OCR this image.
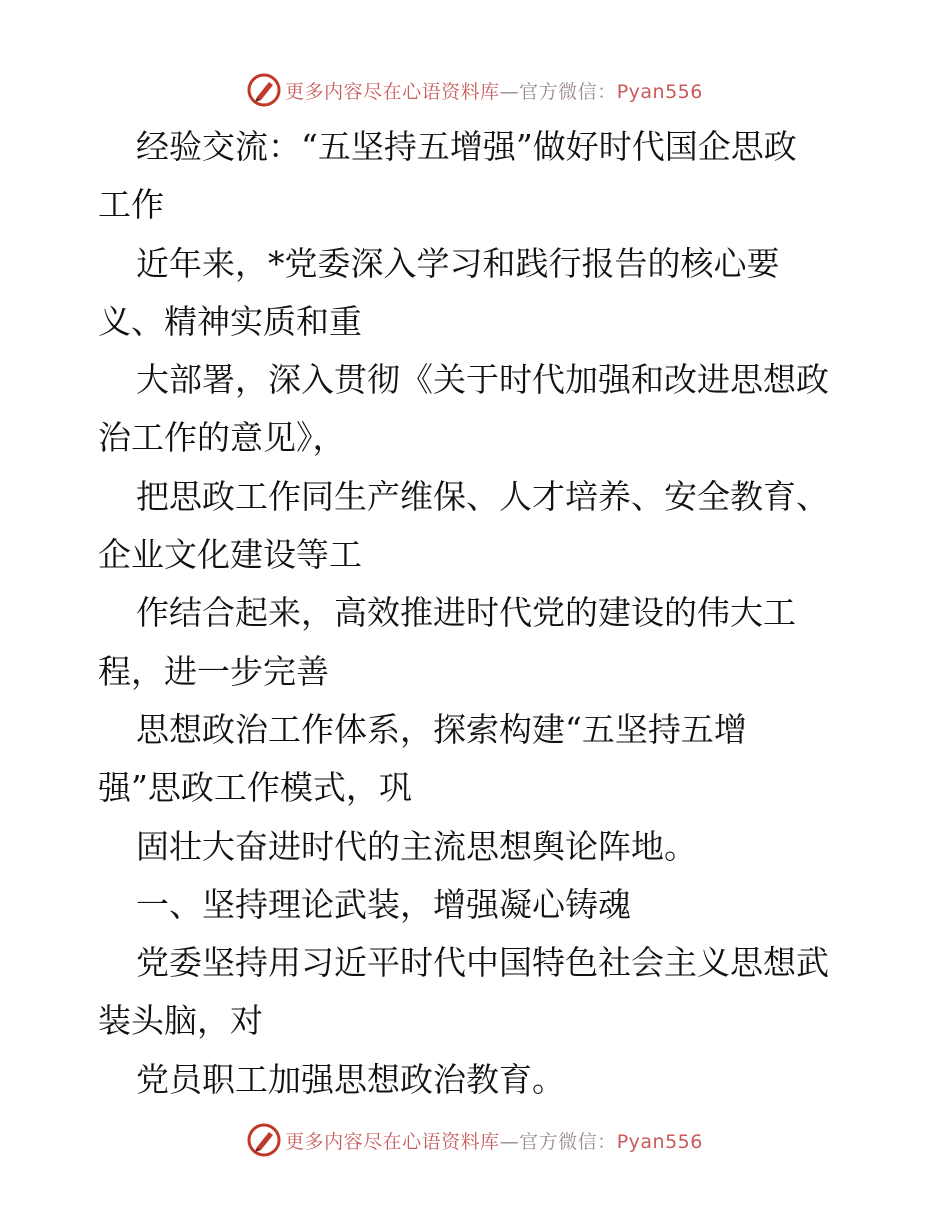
更多内容尽在心语资料库—官方微信：Pyan556
经验交流：“五坚持五增强”做好时代国企思政
工作
近年来，*党委深入学习和践行报告的核心要
义、精神实质和重
大部署，深入贯彻《关于时代加强和改进思想政
治工作的意见》，
把思政工作同生产维保、人才培养、安全教育、
企业文化建设等工
作结合起来，高效推进时代党的建设的伟大工
程，进一步完善
思想政治工作体系，探索构建“五坚持五增
强”思政工作模式，巩
固壮大奋进时代的主流思想舆论阵地。
一、坚持理论武装，增强凝心铸魂
党委坚持用习近平时代中国特色社会主义思想武
装头脑，对
党员职工加强思想政治教育。
更多内容尽在心语资料库—官方微信：Pyan556
